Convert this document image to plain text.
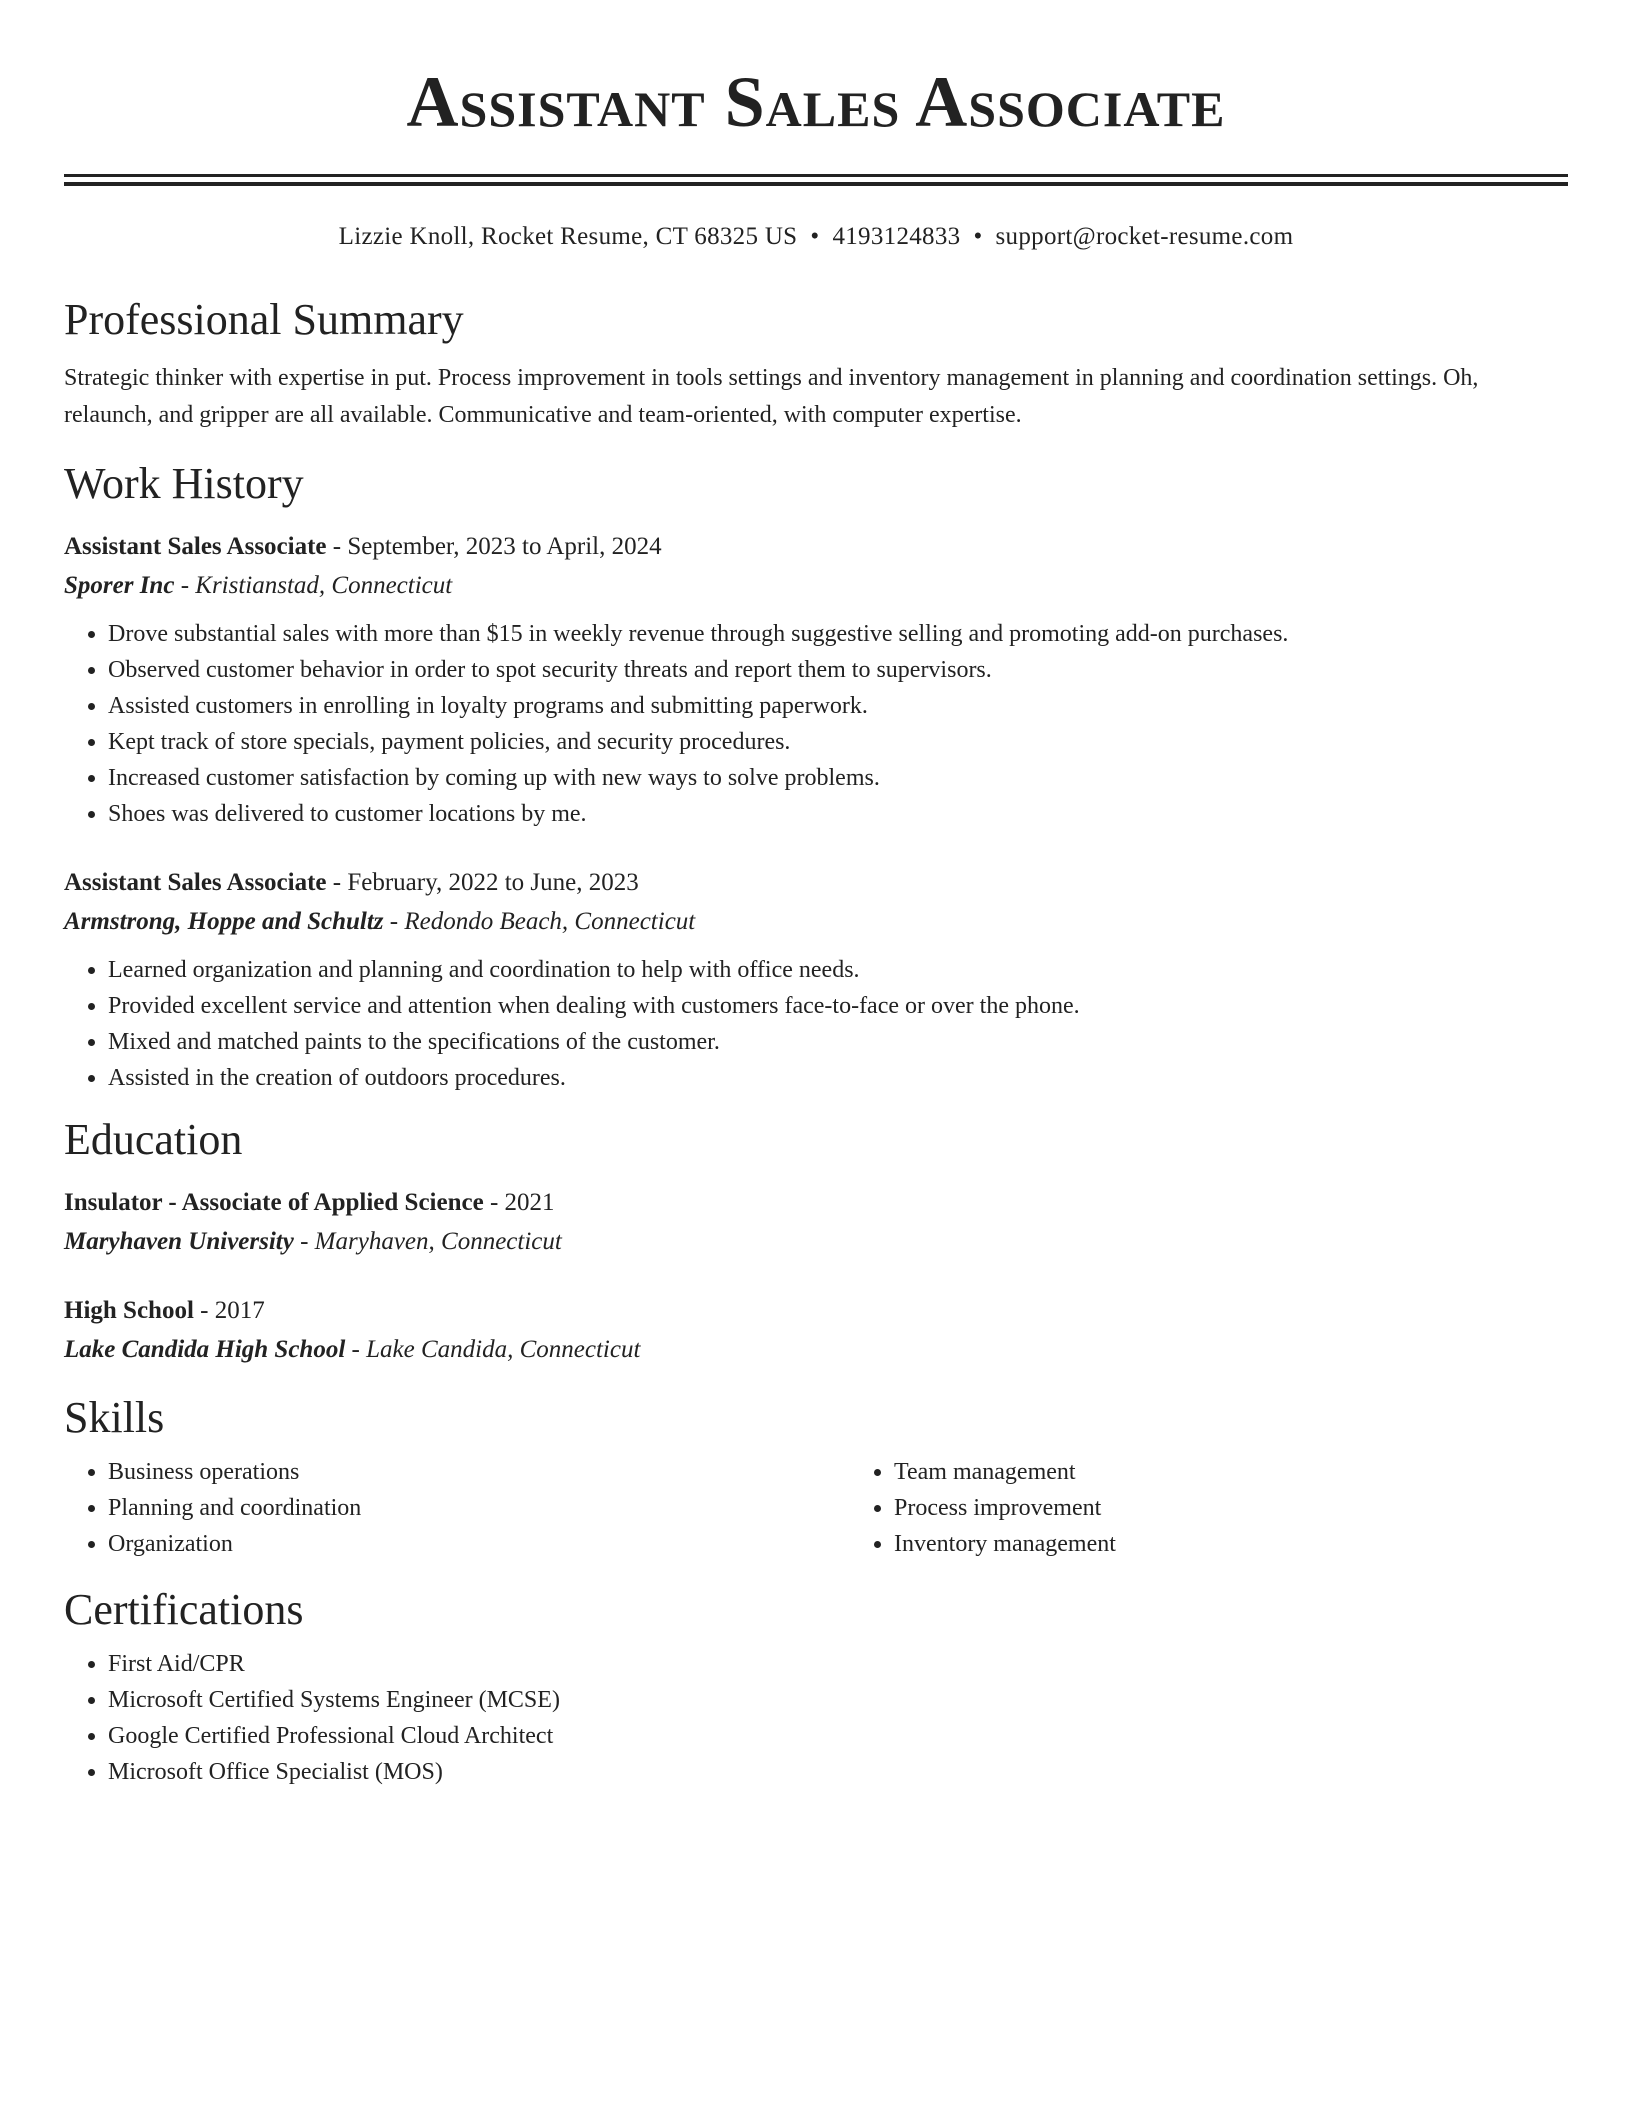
Assistant Sales Associate
Lizzie Knoll, Rocket Resume, CT 68325 US • 4193124833 • support@rocket-resume.com
Professional Summary
Strategic thinker with expertise in put. Process improvement in tools settings and inventory management in planning and coordination settings. Oh, relaunch, and gripper are all available. Communicative and team-oriented, with computer expertise.
Work History
Assistant Sales Associate - September, 2023 to April, 2024
Sporer Inc - Kristianstad, Connecticut
• Drove substantial sales with more than $15 in weekly revenue through suggestive selling and promoting add-on purchases.
• Observed customer behavior in order to spot security threats and report them to supervisors.
• Assisted customers in enrolling in loyalty programs and submitting paperwork.
• Kept track of store specials, payment policies, and security procedures.
• Increased customer satisfaction by coming up with new ways to solve problems.
• Shoes was delivered to customer locations by me.
Assistant Sales Associate - February, 2022 to June, 2023
Armstrong, Hoppe and Schultz - Redondo Beach, Connecticut
• Learned organization and planning and coordination to help with office needs.
• Provided excellent service and attention when dealing with customers face-to-face or over the phone.
• Mixed and matched paints to the specifications of the customer.
• Assisted in the creation of outdoors procedures.
Education
Insulator - Associate of Applied Science - 2021
Maryhaven University - Maryhaven, Connecticut
High School - 2017
Lake Candida High School - Lake Candida, Connecticut
Skills
• Business operations
• Planning and coordination
• Organization
• Team management
• Process improvement
• Inventory management
Certifications
• First Aid/CPR
• Microsoft Certified Systems Engineer (MCSE)
• Google Certified Professional Cloud Architect
• Microsoft Office Specialist (MOS)
